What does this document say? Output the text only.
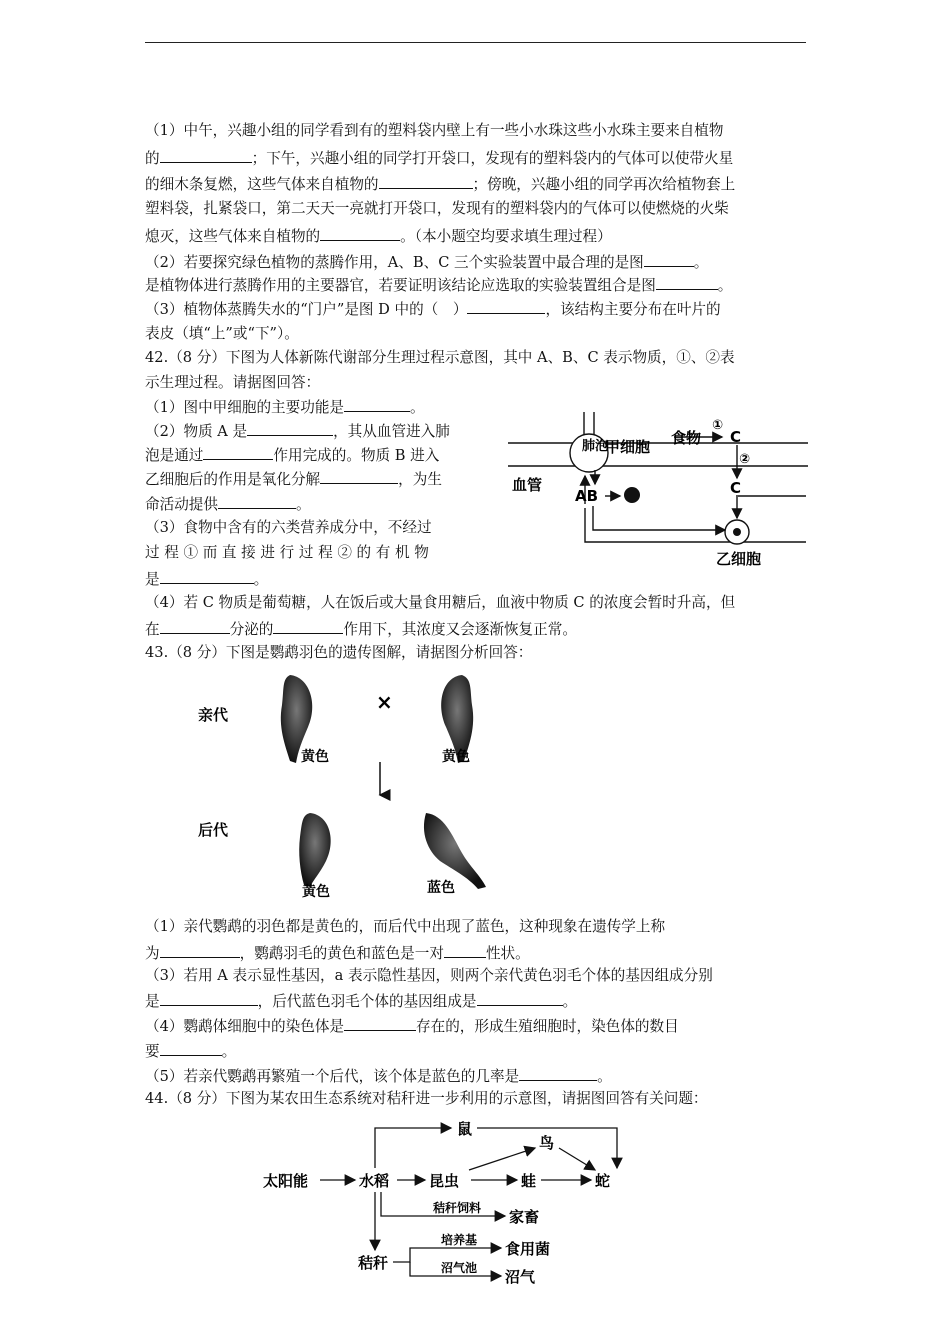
（1）中午，兴趣小组的同学看到有的塑料袋内壁上有一些小水珠这些小水珠主要来自植物
的	；下午，兴趣小组的同学打开袋口，发现有的塑料袋内的气体可以使带火星
的细木条复燃，这些气体来自植物的	；傍晚，兴趣小组的同学再次给植物套上
塑料袋，扎紧袋口，第二天天一亮就打开袋口，发现有的塑料袋内的气体可以使燃烧的火柴
熄灭，这些气体来自植物的	。（本小题空均要求填生理过程）
（2）若要探究绿色植物的蒸腾作用，A、B、C 三个实验装置中最合理的是图	。
是植物体进行蒸腾作用的主要器官，若要证明该结论应选取的实验装置组合是图	。
（3）植物体蒸腾失水的“门户”是图 D 中的（　）	，该结构主要分布在叶片的
表皮（填“上”或“下”）。
42.（8 分）下图为人体新陈代谢部分生理过程示意图，其中 A、B、C 表示物质，①、②表
示生理过程。请据图回答：
（1）图中甲细胞的主要功能是	。
（2）物质 A 是	，其从血管进入肺
泡是通过	作用完成的。物质 B 进入
乙细胞后的作用是氧化分解	，为生
命活动提供	。
（3）食物中含有的六类营养成分中，不经过
过 程 ① 而 直 接 进 行 过 程 ② 的 有 机 物
是	。
（4）若 C 物质是葡萄糖，人在饭后或大量食用糖后，血液中物质 C 的浓度会暂时升高，但
在	分泌的	作用下，其浓度又会逐渐恢复正常。
肺泡
甲细胞 食物
①
C
②
C
血管
AB
乙细胞
43.（8 分）下图是鹦鹉羽色的遗传图解，请据图分析回答：
亲代
后代
×
黄色	黄色
黄色	蓝色
（1）亲代鹦鹉的羽色都是黄色的，而后代中出现了蓝色，这种现象在遗传学上称
为	，鹦鹉羽毛的黄色和蓝色是一对	性状。
（3）若用 A 表示显性基因，a 表示隐性基因，则两个亲代黄色羽毛个体的基因组成分别
是	，后代蓝色羽毛个体的基因组成是	。
（4）鹦鹉体细胞中的染色体是	存在的，形成生殖细胞时，染色体的数目
要	。
（5）若亲代鹦鹉再繁殖一个后代，该个体是蓝色的几率是	。
44.（8 分）下图为某农田生态系统对秸秆进一步利用的示意图，请据图回答有关问题：
太阳能	水稻	昆虫	蛙	蛇
鼠
鸟
秸秆饲料 家畜
秸秆
培养基 食用菌
沼气池 沼气
